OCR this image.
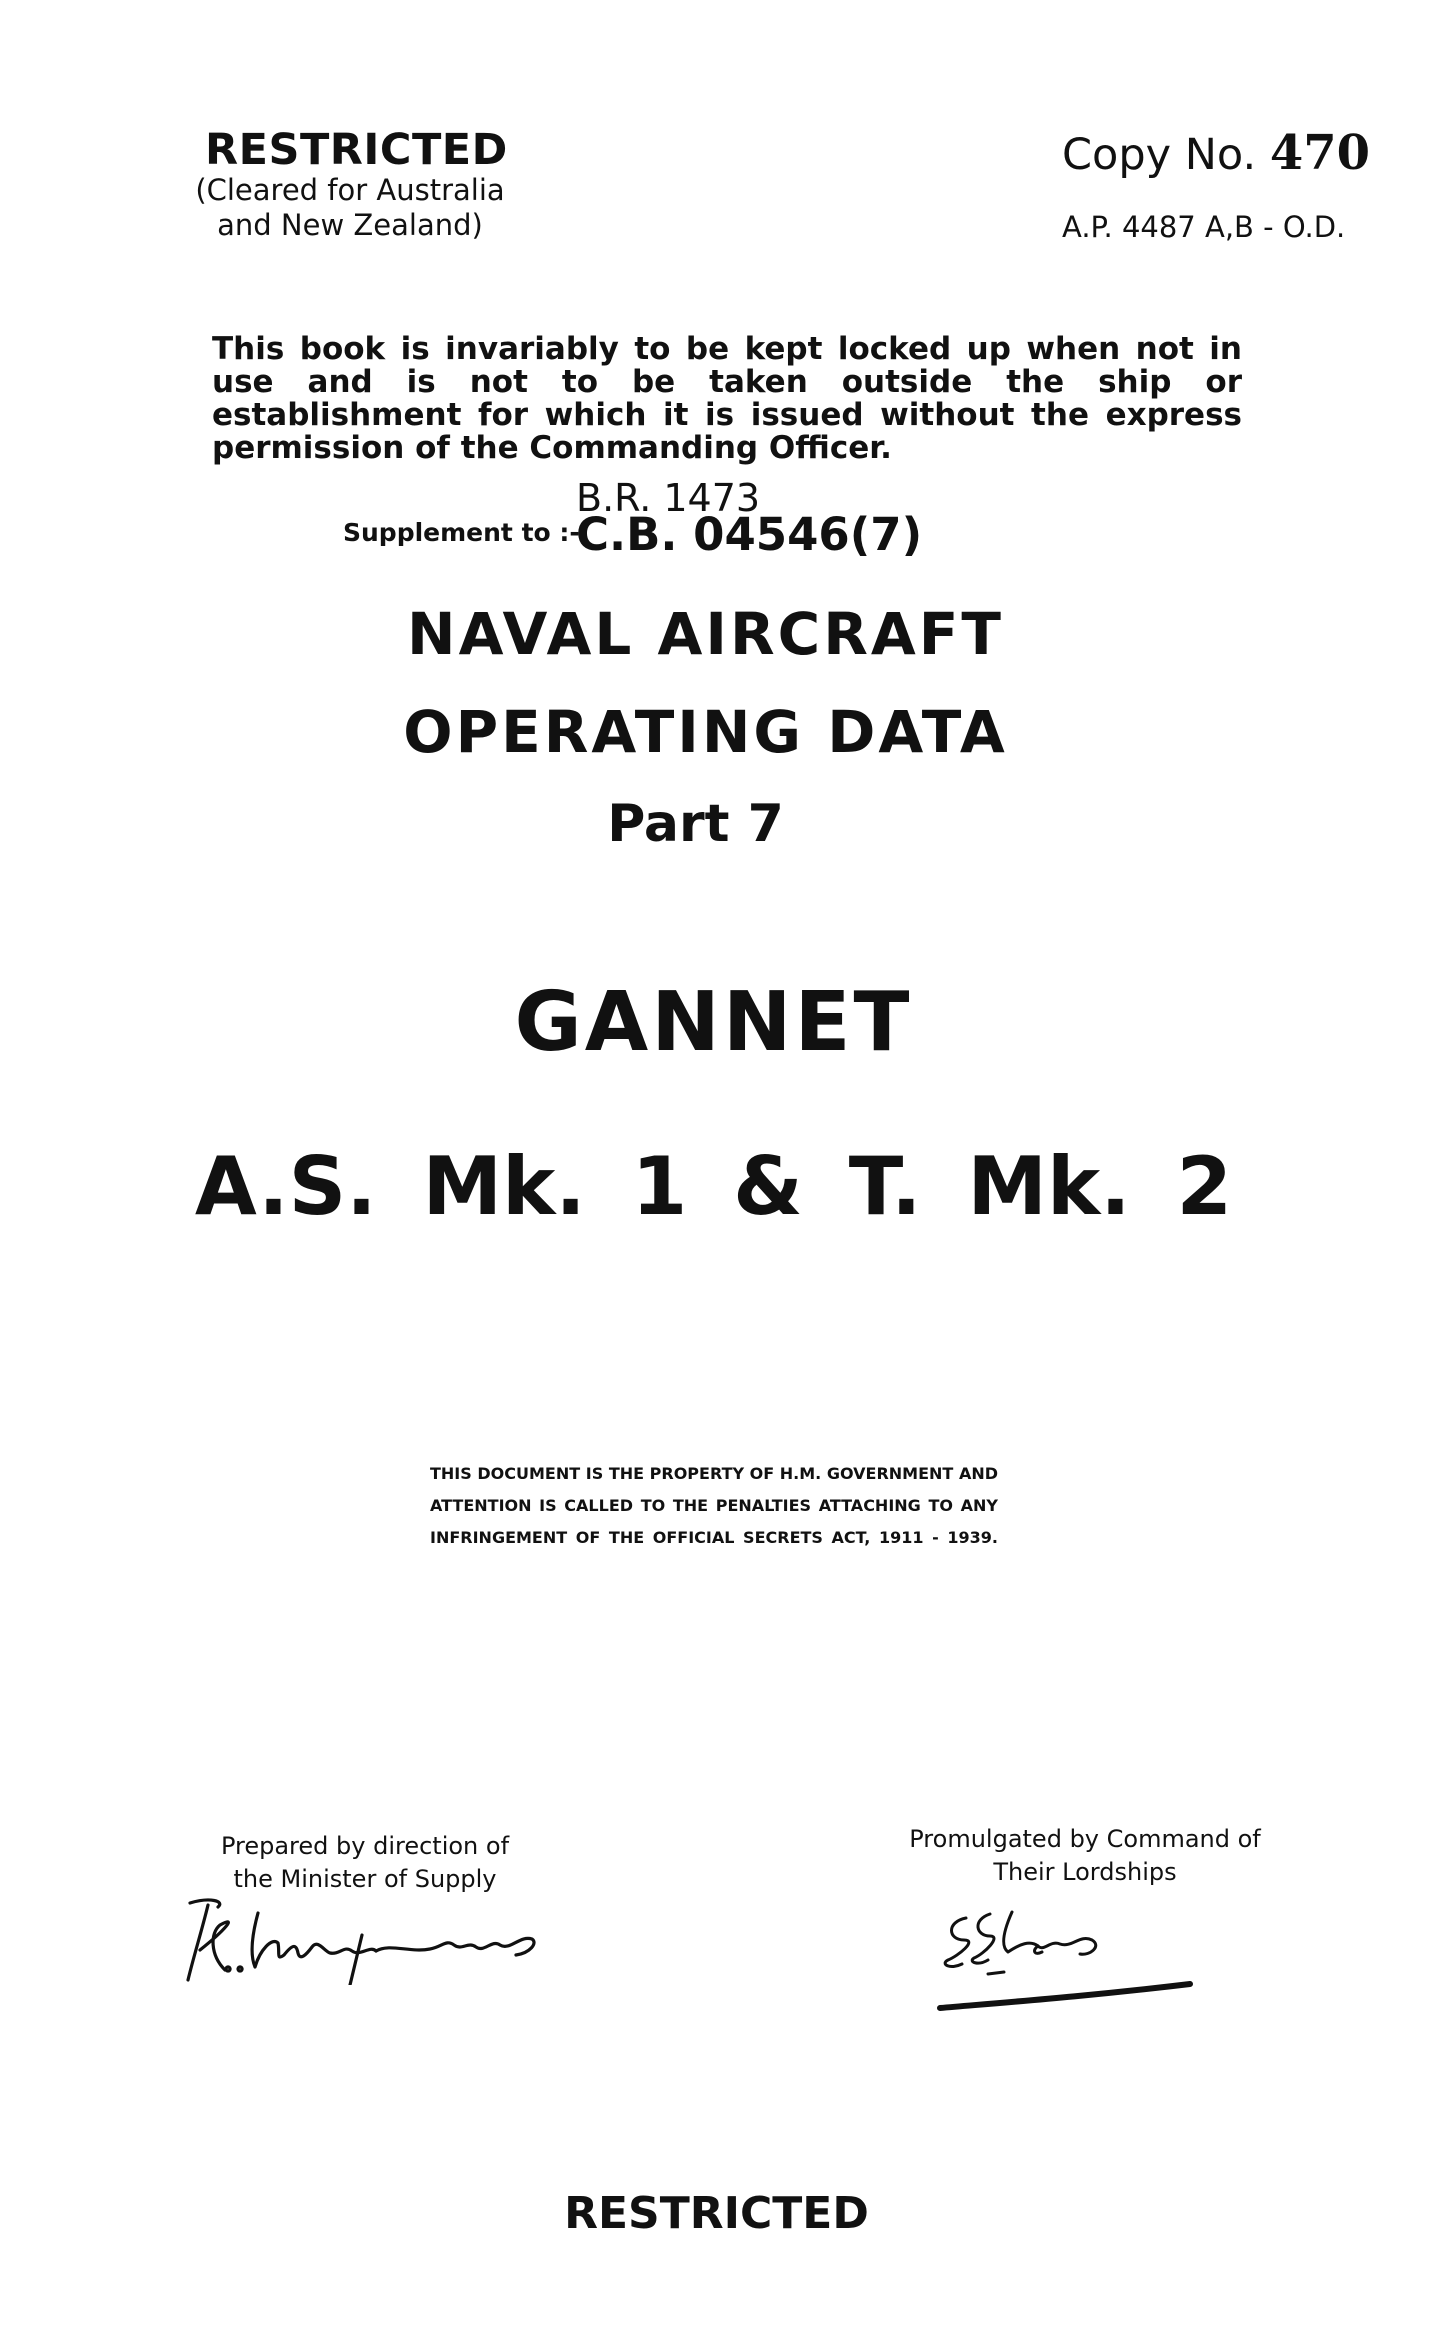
RESTRICTED
(Cleared for Australia
and New Zealand)
Copy No. 470
A.P. 4487 A,B - O.D.
This book is invariably to be kept locked up when not in use and is not to be taken outside the ship or establishment for which it is issued without the express permission of the Commanding Officer.
B.R. 1473
Supplement to :-
C.B. 04546(7)
NAVAL AIRCRAFT
OPERATING DATA
Part 7
GANNET
A.S. Mk. 1 & T. Mk. 2
THIS DOCUMENT IS THE PROPERTY OF H.M. GOVERNMENT AND
ATTENTION IS CALLED TO THE PENALTIES ATTACHING TO ANY
INFRINGEMENT OF THE OFFICIAL SECRETS ACT, 1911 - 1939.
Prepared by direction of
the Minister of Supply
Promulgated by Command of
Their Lordships
RESTRICTED
